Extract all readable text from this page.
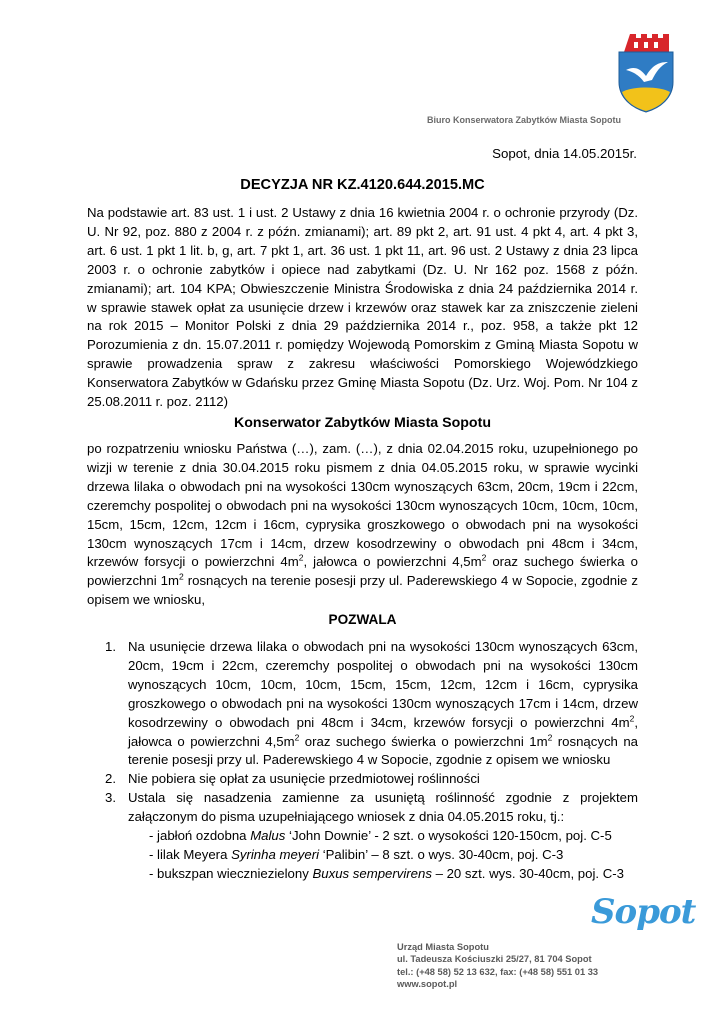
Biuro Konserwatora Zabytków Miasta Sopotu
Sopot, dnia 14.05.2015r.
DECYZJA NR KZ.4120.644.2015.MC

Na podstawie art. 83 ust. 1 i ust. 2 Ustawy z dnia 16 kwietnia 2004 r. o ochronie przyrody (Dz. U. Nr 92, poz. 880 z 2004 r. z późn. zmianami); art. 89 pkt 2, art. 91 ust. 4 pkt 4, art. 4 pkt 3, art. 6 ust. 1 pkt 1 lit. b, g, art. 7 pkt 1, art. 36 ust. 1 pkt 11, art. 96 ust. 2 Ustawy z dnia 23 lipca 2003 r. o ochronie zabytków i opiece nad zabytkami (Dz. U. Nr 162 poz. 1568 z późn. zmianami); art. 104 KPA; Obwieszczenie Ministra Środowiska z dnia 24 października 2014 r. w sprawie stawek opłat za usunięcie drzew i krzewów oraz stawek kar za zniszczenie zieleni na rok 2015 – Monitor Polski z dnia 29 października 2014 r., poz. 958, a także pkt 12 Porozumienia z dn. 15.07.2011 r. pomiędzy Wojewodą Pomorskim z Gminą Miasta Sopotu w sprawie prowadzenia spraw z zakresu właściwości Pomorskiego Wojewódzkiego Konserwatora Zabytków w Gdańsku przez Gminę Miasta Sopotu (Dz. Urz. Woj. Pom. Nr 104 z 25.08.2011 r. poz. 2112)

Konserwator Zabytków Miasta Sopotu

po rozpatrzeniu wniosku Państwa (…), zam. (…), z dnia 02.04.2015 roku, uzupełnionego po wizji w terenie z dnia 30.04.2015 roku pismem z dnia 04.05.2015 roku, w sprawie wycinki drzewa lilaka o obwodach pni na wysokości 130cm wynoszących 63cm, 20cm, 19cm i 22cm, czeremchy pospolitej o obwodach pni na wysokości 130cm wynoszących 10cm, 10cm, 10cm, 15cm, 15cm, 12cm, 12cm i 16cm, cyprysika groszkowego o obwodach pni na wysokości 130cm wynoszących 17cm i 14cm, drzew kosodrzewiny o obwodach pni 48cm i 34cm, krzewów forsycji o powierzchni $4m^2$, jałowca o powierzchni $4,5m^2$ oraz suchego świerka o powierzchni $1m^2$ rosnących na terenie posesji przy ul. Paderewskiego 4 w Sopocie, zgodnie z opisem we wniosku,

POZWALA
1. Na usunięcie drzewa lilaka o obwodach pni na wysokości 130cm wynoszących 63cm, 20cm, 19cm i 22cm, czeremchy pospolitej o obwodach pni na wysokości 130cm wynoszących 10cm, 10cm, 10cm, 15cm, 15cm, 12cm, 12cm i 16cm, cyprysika groszkowego o obwodach pni na wysokości 130cm wynoszących 17cm i 14cm, drzew kosodrzewiny o obwodach pni 48cm i 34cm, krzewów forsycji o powierzchni $4m^2$, jałowca o powierzchni $4,5m^2$ oraz suchego świerka o powierzchni $1m^2$ rosnących na terenie posesji przy ul. Paderewskiego 4 w Sopocie, zgodnie z opisem we wniosku
2. Nie pobiera się opłat za usunięcie przedmiotowej roślinności
3. Ustala się nasadzenia zamienne za usuniętą roślinność zgodnie z projektem załączonym do pisma uzupełniającego wniosek z dnia 04.05.2015 roku, tj.:
- jabłoń ozdobna Malus ‘John Downie’ - 2 szt. o wysokości 120-150cm, poj. C-5
- lilak Meyera Syrinha meyeri ‘Palibin’ – 8 szt. o wys. 30-40cm, poj. C-3
- bukszpan wieczniezielony Buxus sempervirens – 20 szt. wys. 30-40cm, poj. C-3
Sopot
Urząd Miasta Sopotu
ul. Tadeusza Kościuszki 25/27, 81 704 Sopot
tel.: (+48 58) 52 13 632, fax: (+48 58) 551 01 33
www.sopot.pl
